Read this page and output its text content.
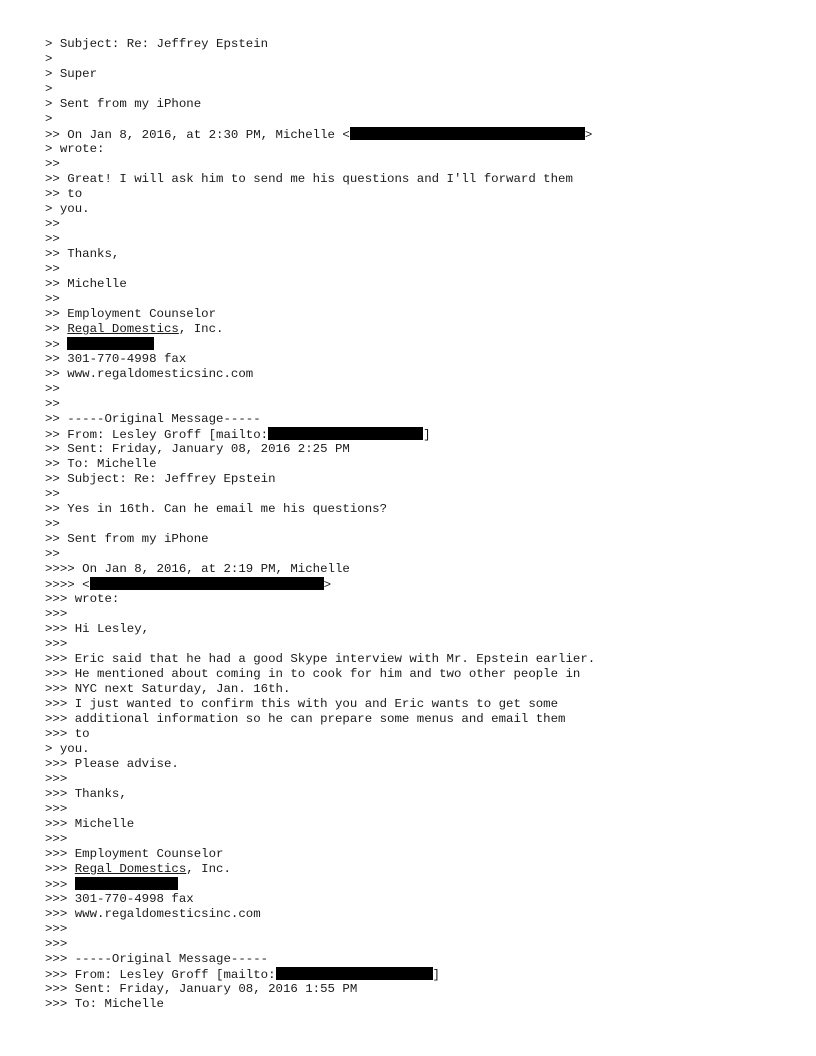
> Subject: Re: Jeffrey Epstein
>
> Super
>
> Sent from my iPhone
>
>> On Jan 8, 2016, at 2:30 PM, Michelle <	>
> wrote:
>>
>> Great! I will ask him to send me his questions and I'll forward them
>> to
> you.
>>
>>
>> Thanks,
>>
>> Michelle
>>
>> Employment Counselor
>> Regal Domestics, Inc.
>>
>> 301-770-4998 fax
>> www.regaldomesticsinc.com
>>
>>
>> -----Original Message-----
>> From: Lesley Groff [mailto:	]
>> Sent: Friday, January 08, 2016 2:25 PM
>> To: Michelle
>> Subject: Re: Jeffrey Epstein
>>
>> Yes in 16th. Can he email me his questions?
>>
>> Sent from my iPhone
>>
>>>> On Jan 8, 2016, at 2:19 PM, Michelle
>>>> <	>
>>> wrote:
>>>
>>> Hi Lesley,
>>>
>>> Eric said that he had a good Skype interview with Mr. Epstein earlier.
>>> He mentioned about coming in to cook for him and two other people in
>>> NYC next Saturday, Jan. 16th.
>>> I just wanted to confirm this with you and Eric wants to get some
>>> additional information so he can prepare some menus and email them
>>> to
> you.
>>> Please advise.
>>>
>>> Thanks,
>>>
>>> Michelle
>>>
>>> Employment Counselor
>>> Regal Domestics, Inc.
>>>
>>> 301-770-4998 fax
>>> www.regaldomesticsinc.com
>>>
>>>
>>> -----Original Message-----
>>> From: Lesley Groff [mailto:	]
>>> Sent: Friday, January 08, 2016 1:55 PM
>>> To: Michelle
